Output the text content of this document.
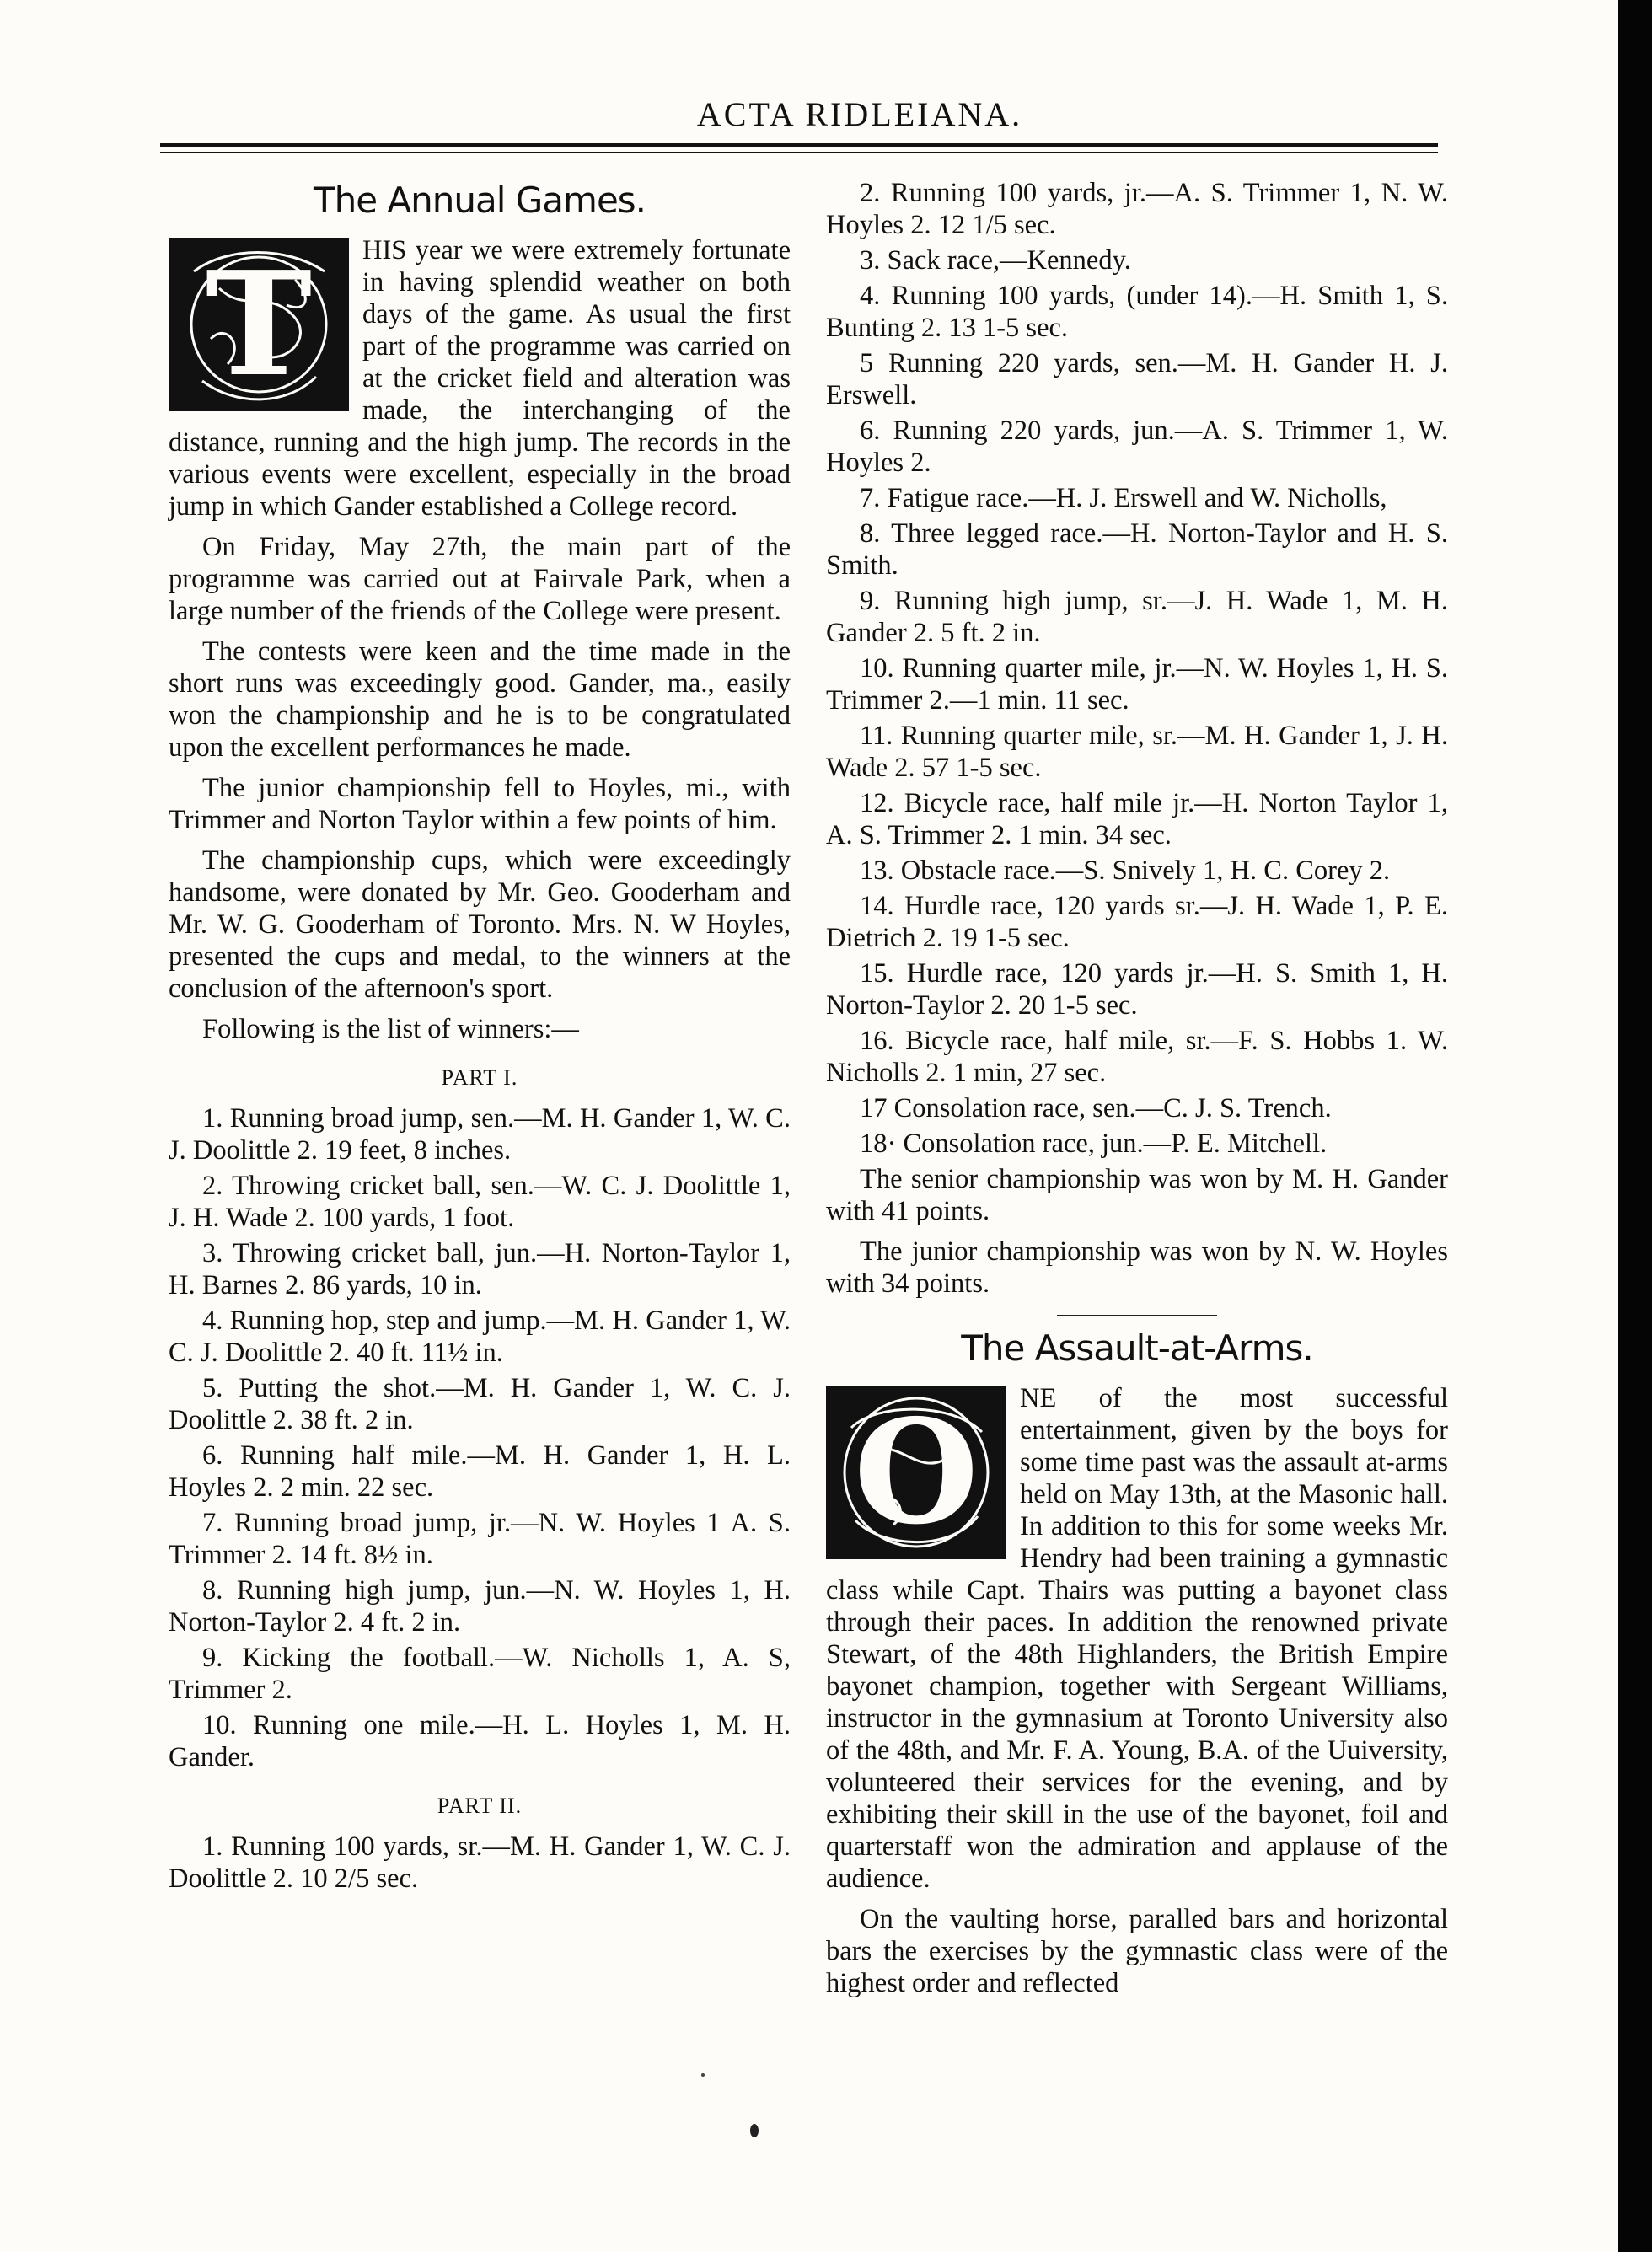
ACTA RIDLEIANA.
The Annual Games.
T	HIS year we were extremely fortunate in having splendid weather on both days of the game. As usual the first part of the programme was carried on at the cricket field and alteration was made, the interchanging of the distance, running and the high jump. The records in the various events were excellent, especially in the broad jump in which Gander established a College record.

On Friday, May 27th, the main part of the programme was carried out at Fairvale Park, when a large number of the friends of the College were present.

The contests were keen and the time made in the short runs was exceedingly good. Gander, ma., easily won the championship and he is to be congratulated upon the excellent performances he made.

The junior championship fell to Hoyles, mi., with Trimmer and Norton Taylor within a few points of him.

The championship cups, which were exceedingly handsome, were donated by Mr. Geo. Gooderham and Mr. W. G. Gooderham of Toronto. Mrs. N. W Hoyles, presented the cups and medal, to the winners at the conclusion of the afternoon's sport.

Following is the list of winners:—

PART I.

1. Running broad jump, sen.—M. H. Gander 1, W. C. J. Doolittle 2. 19 feet, 8 inches.

2. Throwing cricket ball, sen.—W. C. J. Doolittle 1, J. H. Wade 2. 100 yards, 1 foot.

3. Throwing cricket ball, jun.—H. Norton-Taylor 1, H. Barnes 2. 86 yards, 10 in.

4. Running hop, step and jump.—M. H. Gander 1, W. C. J. Doolittle 2. 40 ft. 11½ in.

5. Putting the shot.—M. H. Gander 1, W. C. J. Doolittle 2. 38 ft. 2 in.

6. Running half mile.—M. H. Gander 1, H. L. Hoyles 2. 2 min. 22 sec.

7. Running broad jump, jr.—N. W. Hoyles 1 A. S. Trimmer 2. 14 ft. 8½ in.

8. Running high jump, jun.—N. W. Hoyles 1, H. Norton-Taylor 2. 4 ft. 2 in.

9. Kicking the football.—W. Nicholls 1, A. S, Trimmer 2.

10. Running one mile.—H. L. Hoyles 1, M. H. Gander.

PART II.

1. Running 100 yards, sr.—M. H. Gander 1, W. C. J. Doolittle 2. 10 2/5 sec.

2. Running 100 yards, jr.—A. S. Trimmer 1, N. W. Hoyles 2. 12 1/5 sec.

3. Sack race,—Kennedy.

4. Running 100 yards, (under 14).—H. Smith 1, S. Bunting 2. 13 1-5 sec.

5 Running 220 yards, sen.—M. H. Gander H. J. Erswell.

6. Running 220 yards, jun.—A. S. Trimmer 1, W. Hoyles 2.

7. Fatigue race.—H. J. Erswell and W. Nicholls,

8. Three legged race.—H. Norton-Taylor and H. S. Smith.

9. Running high jump, sr.—J. H. Wade 1, M. H. Gander 2. 5 ft. 2 in.

10. Running quarter mile, jr.—N. W. Hoyles 1, H. S. Trimmer 2.—1 min. 11 sec.

11. Running quarter mile, sr.—M. H. Gander 1, J. H. Wade 2. 57 1-5 sec.

12. Bicycle race, half mile jr.—H. Norton Taylor 1, A. S. Trimmer 2. 1 min. 34 sec.

13. Obstacle race.—S. Snively 1, H. C. Corey 2.

14. Hurdle race, 120 yards sr.—J. H. Wade 1, P. E. Dietrich 2. 19 1-5 sec.

15. Hurdle race, 120 yards jr.—H. S. Smith 1, H. Norton-Taylor 2. 20 1-5 sec.

16. Bicycle race, half mile, sr.—F. S. Hobbs 1. W. Nicholls 2. 1 min, 27 sec.

17 Consolation race, sen.—C. J. S. Trench.

18· Consolation race, jun.—P. E. Mitchell.

The senior championship was won by M. H. Gander with 41 points.

The junior championship was won by N. W. Hoyles with 34 points.

The Assault-at-Arms.
O	NE of the most successful entertainment, given by the boys for some time past was the assault at-arms held on May 13th, at the Masonic hall. In addition to this for some weeks Mr. Hendry had been training a gymnastic class while Capt. Thairs was putting a bayonet class through their paces. In addition the renowned private Stewart, of the 48th Highlanders, the British Empire bayonet champion, together with Sergeant Williams, instructor in the gymnasium at Toronto University also of the 48th, and Mr. F. A. Young, B.A. of the Uuiversity, volunteered their services for the evening, and by exhibiting their skill in the use of the bayonet, foil and quarterstaff won the admiration and applause of the audience.

On the vaulting horse, paralled bars and horizontal bars the exercises by the gymnastic class were of the highest order and reflected
